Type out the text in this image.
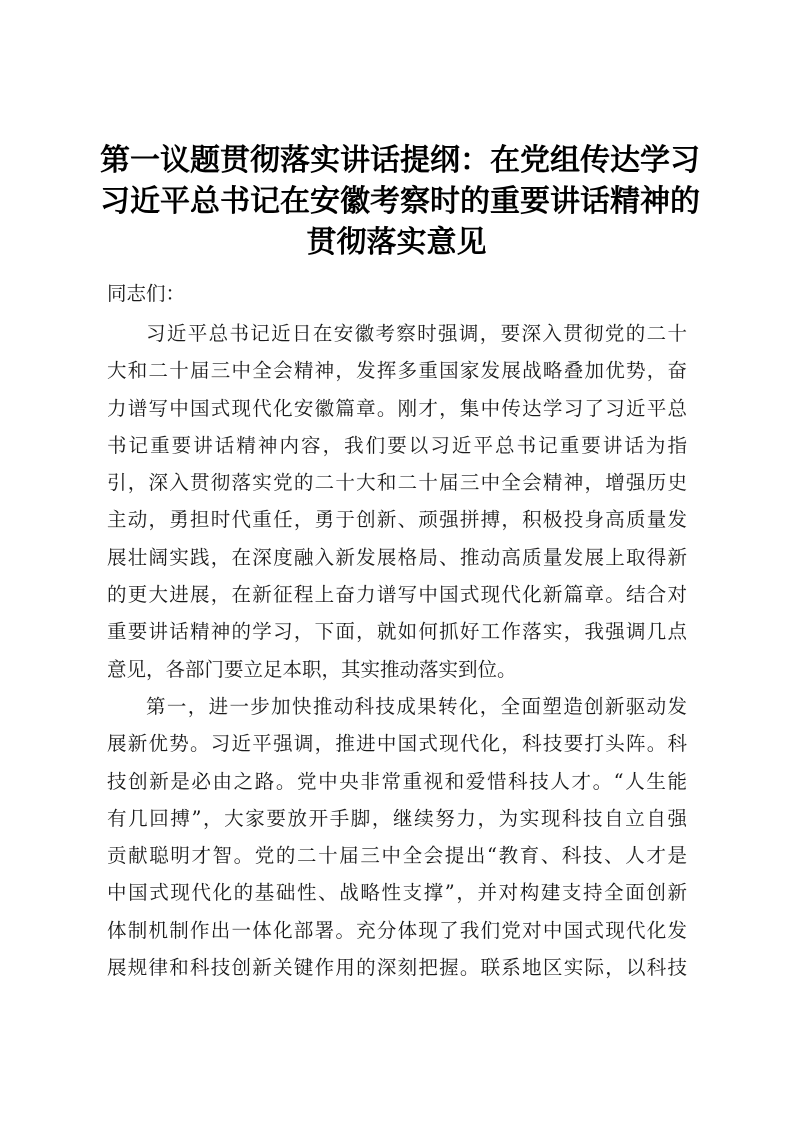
第一议题贯彻落实讲话提纲：在党组传达学习
习近平总书记在安徽考察时的重要讲话精神的
贯彻落实意见

同志们：

习近平总书记近日在安徽考察时强调，要深入贯彻党的二十
大和二十届三中全会精神，发挥多重国家发展战略叠加优势，奋
力谱写中国式现代化安徽篇章。刚才，集中传达学习了习近平总
书记重要讲话精神内容，我们要以习近平总书记重要讲话为指
引，深入贯彻落实党的二十大和二十届三中全会精神，增强历史
主动，勇担时代重任，勇于创新、顽强拼搏，积极投身高质量发
展壮阔实践，在深度融入新发展格局、推动高质量发展上取得新
的更大进展，在新征程上奋力谱写中国式现代化新篇章。结合对
重要讲话精神的学习，下面，就如何抓好工作落实，我强调几点
意见，各部门要立足本职，其实推动落实到位。

第一，进一步加快推动科技成果转化，全面塑造创新驱动发
展新优势。习近平强调，推进中国式现代化，科技要打头阵。科
技创新是必由之路。党中央非常重视和爱惜科技人才。“人生能
有几回搏”，大家要放开手脚，继续努力，为实现科技自立自强
贡献聪明才智。党的二十届三中全会提出“教育、科技、人才是
中国式现代化的基础性、战略性支撑”，并对构建支持全面创新
体制机制作出一体化部署。充分体现了我们党对中国式现代化发
展规律和科技创新关键作用的深刻把握。联系地区实际，以科技
